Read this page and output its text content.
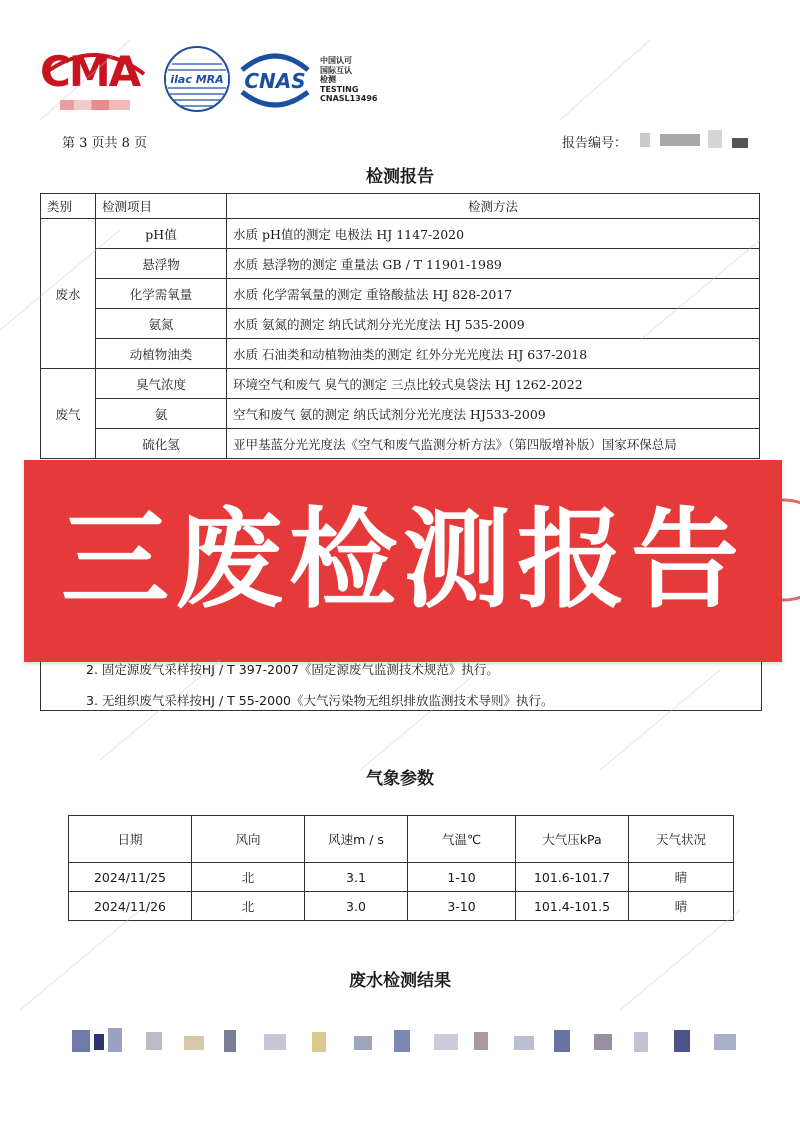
CMA	ilac MRA CNAS
中国认可
国际互认
检测
TESTING
CNASL13496
第 3 页共 8 页	报告编号：
检测报告
类别	检测项目	检测方法
废水	pH值	水质 pH值的测定 电极法 HJ 1147-2020
	悬浮物	水质 悬浮物的测定 重量法 GB / T 11901-1989
	化学需氧量	水质 化学需氧量的测定 重铬酸盐法 HJ 828-2017
	氨氮	水质 氨氮的测定 纳氏试剂分光光度法 HJ 535-2009
	动植物油类	水质 石油类和动植物油类的测定 红外分光光度法 HJ 637-2018
废气	臭气浓度	环境空气和废气 臭气的测定 三点比较式臭袋法 HJ 1262-2022
	氨	空气和废气 氨的测定 纳氏试剂分光光度法 HJ533-2009
	硫化氢	亚甲基蓝分光光度法《空气和废气监测分析方法》（第四版增补版）国家环保总局
2. 固定源废气采样按HJ / T 397-2007《固定源废气监测技术规范》执行。
3. 无组织废气采样按HJ / T 55-2000《大气污染物无组织排放监测技术导则》执行。
三废检测报告
气象参数
日期	风向	风速m / s	气温℃	大气压kPa	天气状况
2024/11/25	北	3.1	1-10	101.6-101.7	晴
2024/11/26	北	3.0	3-10	101.4-101.5	晴
废水检测结果
